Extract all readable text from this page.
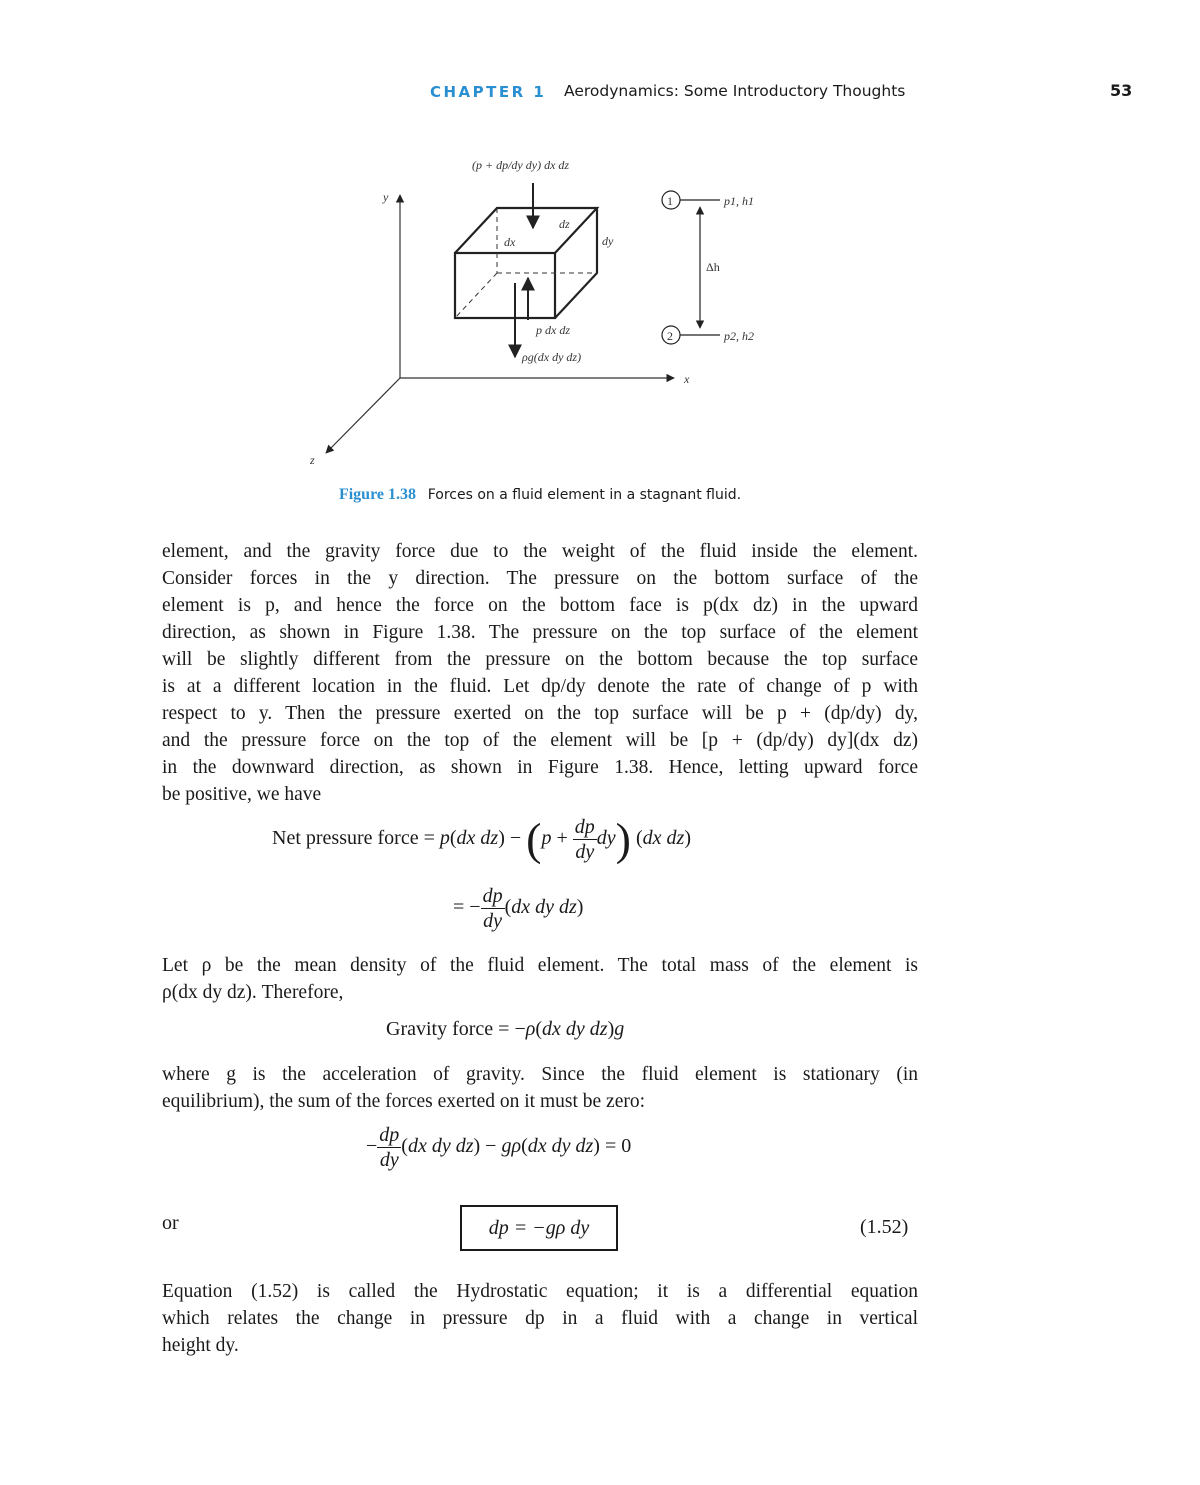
CHAPTER 1 Aerodynamics: Some Introductory Thoughts	53
y
x
z
(p + dp/dy dy) dx dz
p dx dz
ρg(dx dy dz)
dx	dy
dz
1
2
p1, h1
p2, h2
Δh
Figure 1.38 Forces on a fluid element in a stagnant fluid.
element, and the gravity force due to the weight of the fluid inside the element.
Consider forces in the y direction. The pressure on the bottom surface of the
element is p, and hence the force on the bottom face is p(dx dz) in the upward
direction, as shown in Figure 1.38. The pressure on the top surface of the element
will be slightly different from the pressure on the bottom because the top surface
is at a different location in the fluid. Let dp/dy denote the rate of change of p with
respect to y. Then the pressure exerted on the top surface will be p + (dp/dy) dy,
and the pressure force on the top of the element will be [p + (dp/dy) dy](dx dz)
in the downward direction, as shown in Figure 1.38. Hence, letting upward force
be positive, we have
Net pressure force = p(dx $dz) - (p + \frac{dp}{dy} dy)$ (dx dz)
= − $\frac{dp}{dy} (dx$ dy dz)
Let ρ be the mean density of the fluid element. The total mass of the element is
ρ(dx dy dz). Therefore,
Gravity force = −ρ(dx dy dz)g
where g is the acceleration of gravity. Since the fluid element is stationary (in
equilibrium), the sum of the forces exerted on it must be zero:
− $\frac{dp}{dy} (dx$ dy dz) − gρ(dx dy dz) = 0
or	dp = −gρ dy	(1.52)
Equation (1.52) is called the Hydrostatic equation; it is a differential equation
which relates the change in pressure dp in a fluid with a change in vertical
height dy.
